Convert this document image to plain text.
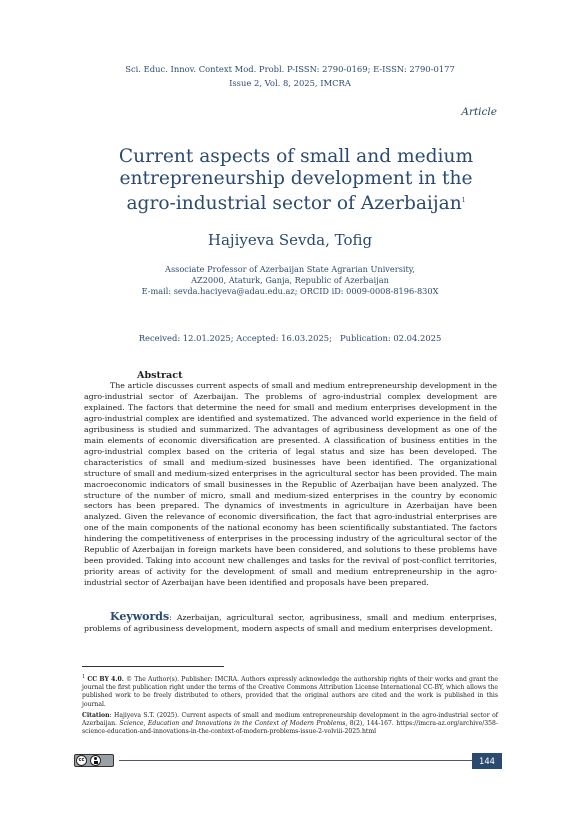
Sci. Educ. Innov. Context Mod. Probl. P-ISSN: 2790-0169; E-ISSN: 2790-0177
Issue 2, Vol. 8, 2025, IMCRA
Article
Current aspects of small and medium entrepreneurship development in the agro-industrial sector of Azerbaijan$^1$
Hajiyeva Sevda, Tofig
Associate Professor of Azerbaijan State Agrarian University,
AZ2000, Ataturk, Ganja, Republic of Azerbaijan
E-mail: sevda.haciyeva@adau.edu.az; ORCID iD: 0009-0008-8196-830X
Received: 12.01.2025; Accepted: 16.03.2025; Publication: 02.04.2025
Abstract
The article discusses current aspects of small and medium entrepreneurship development in the agro-industrial sector of Azerbaijan. The problems of agro-industrial complex development are explained. The factors that determine the need for small and medium enterprises development in the agro-industrial complex are identified and systematized. The advanced world experience in the field of agribusiness is studied and summarized. The advantages of agribusiness development as one of the main elements of economic diversification are presented. A classification of business entities in the agro-industrial complex based on the criteria of legal status and size has been developed. The characteristics of small and medium-sized businesses have been identified. The organizational structure of small and medium-sized enterprises in the agricultural sector has been provided. The main macroeconomic indicators of small businesses in the Republic of Azerbaijan have been analyzed. The structure of the number of micro, small and medium-sized enterprises in the country by economic sectors has been prepared. The dynamics of investments in agriculture in Azerbaijan have been analyzed. Given the relevance of economic diversification, the fact that agro-industrial enterprises are one of the main components of the national economy has been scientifically substantiated. The factors hindering the competitiveness of enterprises in the processing industry of the agricultural sector of the Republic of Azerbaijan in foreign markets have been considered, and solutions to these problems have been provided. Taking into account new challenges and tasks for the revival of post-conflict territories, priority areas of activity for the development of small and medium entrepreneurship in the agro-industrial sector of Azerbaijan have been identified and proposals have been prepared.
Keywords: Azerbaijan, agricultural sector, agribusiness, small and medium enterprises, problems of agribusiness development, modern aspects of small and medium enterprises development.
$^1$ CC BY 4.0. © The Author(s). Publisher: IMCRA. Authors expressly acknowledge the authorship rights of their works and grant the journal the first publication right under the terms of the Creative Commons Attribution License International CC-BY, which allows the published work to be freely distributed to others, provided that the original authors are cited and the work is published in this journal.
Citation: Hajiyeva S.T. (2025). Current aspects of small and medium entrepreneurship development in the agro-industrial sector of Azerbaijan. Science, Education and Innovations in the Context of Modern Problems, 8(2), 144-167. https://imcra-az.org/archive/358-science-education-and-innovations-in-the-context-of-modern-problems-issue-2-volviii-2025.html
cc	144
